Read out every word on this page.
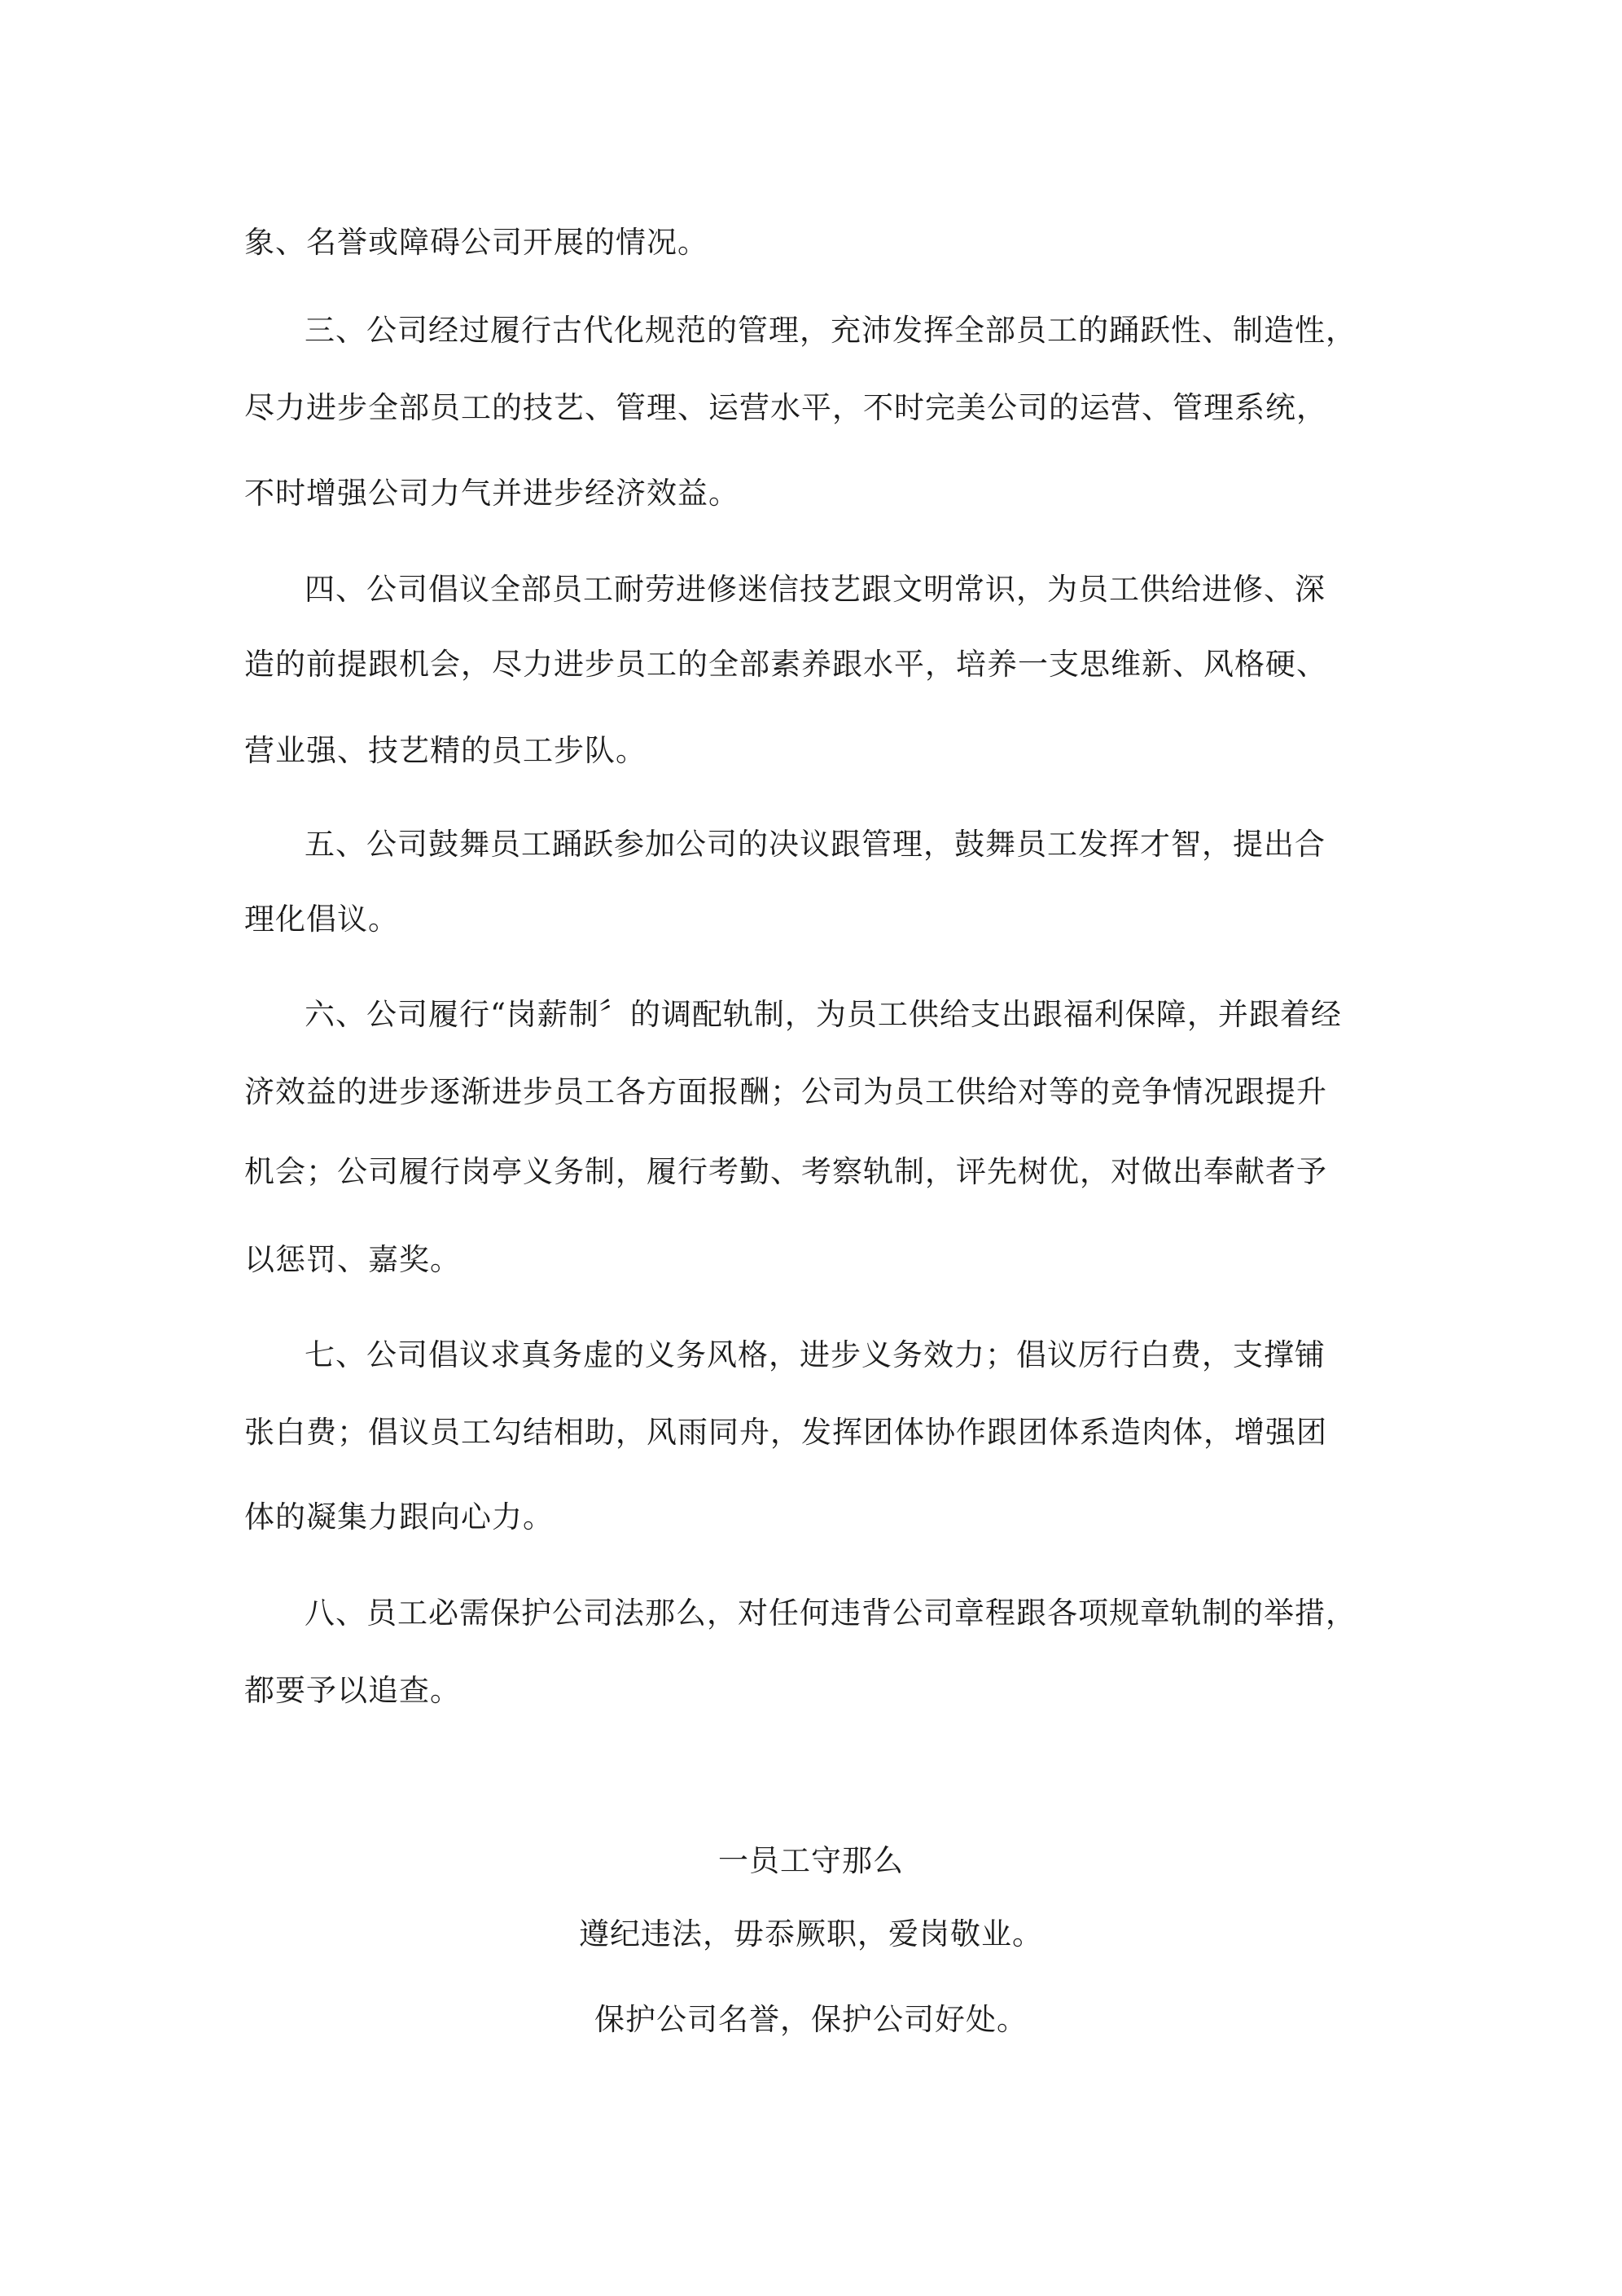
象、名誉或障碍公司开展的情况。

三、公司经过履行古代化规范的管理，充沛发挥全部员工的踊跃性、制造性，

尽力进步全部员工的技艺、管理、运营水平，不时完美公司的运营、管理系统，

不时增强公司力气并进步经济效益。

四、公司倡议全部员工耐劳进修迷信技艺跟文明常识，为员工供给进修、深

造的前提跟机会，尽力进步员工的全部素养跟水平，培养一支思维新、风格硬、

营业强、技艺精的员工步队。

五、公司鼓舞员工踊跃参加公司的决议跟管理，鼓舞员工发挥才智，提出合

理化倡议。

六、公司履行“岗薪制〞的调配轨制，为员工供给支出跟福利保障，并跟着经

济效益的进步逐渐进步员工各方面报酬；公司为员工供给对等的竞争情况跟提升

机会；公司履行岗亭义务制，履行考勤、考察轨制，评先树优，对做出奉献者予

以惩罚、嘉奖。

七、公司倡议求真务虚的义务风格，进步义务效力；倡议厉行白费，支撑铺

张白费；倡议员工勾结相助，风雨同舟，发挥团体协作跟团体系造肉体，增强团

体的凝集力跟向心力。

八、员工必需保护公司法那么，对任何违背公司章程跟各项规章轨制的举措，

都要予以追查。

一员工守那么

遵纪违法，毋忝厥职，爱岗敬业。

保护公司名誉，保护公司好处。
